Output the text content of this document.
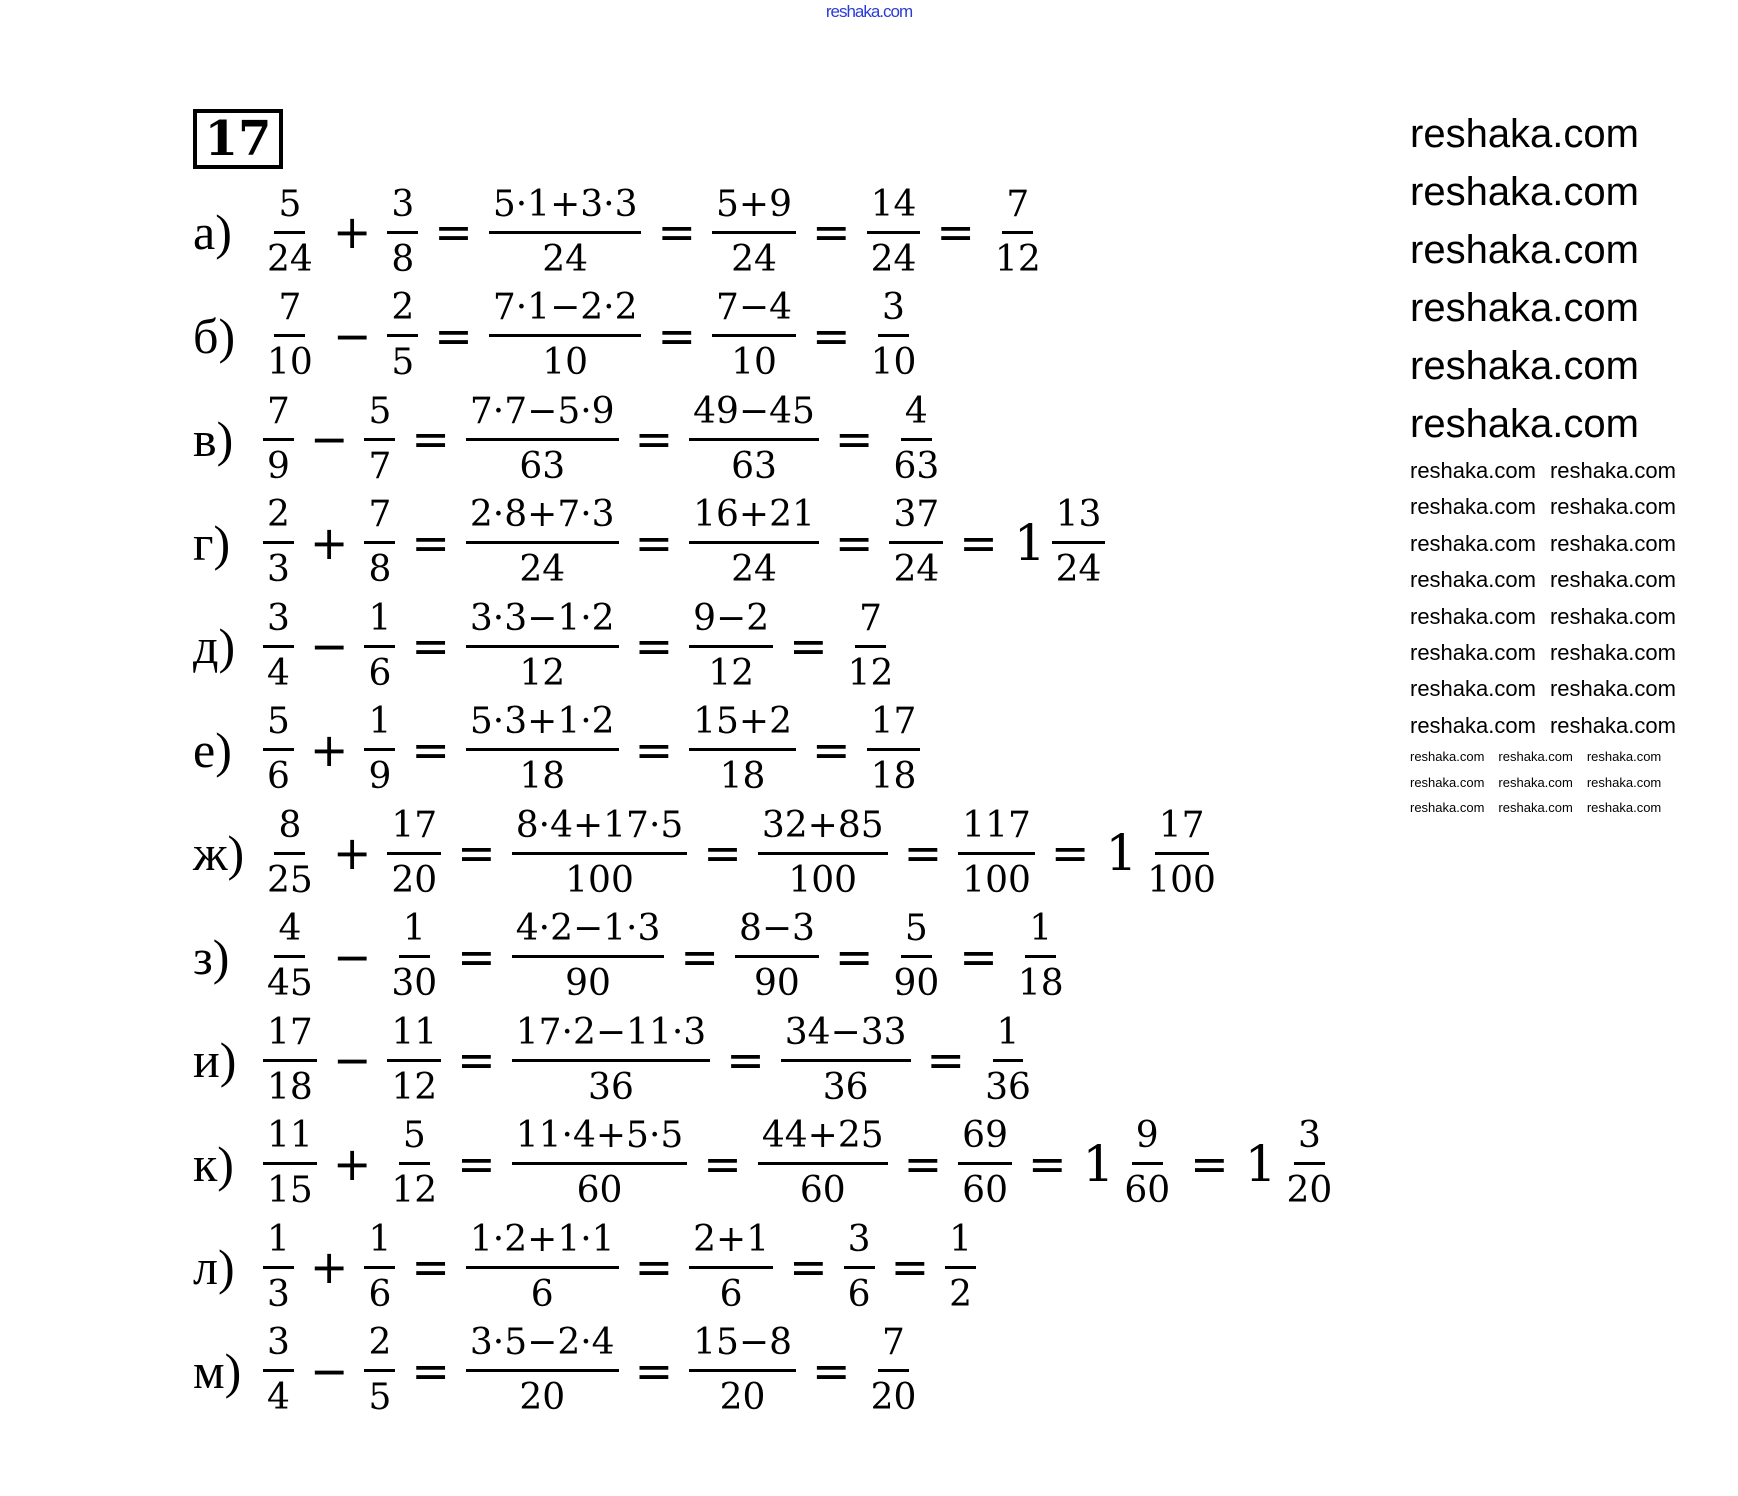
reshaka.com
17
$а) \frac{5}{24} + \frac{3}{8} = \frac{5\cdot 1+3\cdot 3}{24} = \frac{5+9}{24} = \frac{14}{24} = \frac{7}{12}$
$б) \frac{7}{10} - \frac{2}{5} = \frac{7\cdot 1-2\cdot 2}{10} = \frac{7-4}{10} = \frac{3}{10}$
$в) \frac{7}{9} - \frac{5}{7} = \frac{7\cdot 7-5\cdot 9}{63} = \frac{49-45}{63} = \frac{4}{63}$
$г) \frac{2}{3} + \frac{7}{8} = \frac{2\cdot 8+7\cdot 3}{24} = \frac{16+21}{24} = \frac{37}{24} = 1 \frac{13}{24}$
$д) \frac{3}{4} - \frac{1}{6} = \frac{3\cdot 3-1\cdot 2}{12} = \frac{9-2}{12} = \frac{7}{12}$
$е) \frac{5}{6} + \frac{1}{9} = \frac{5\cdot 3+1\cdot 2}{18} = \frac{15+2}{18} = \frac{17}{18}$
$ж) \frac{8}{25} + \frac{17}{20} = \frac{8\cdot 4+17\cdot 5}{100} = \frac{32+85}{100} = \frac{117}{100} = 1 \frac{17}{100}$
$з) \frac{4}{45} - \frac{1}{30} = \frac{4\cdot 2-1\cdot 3}{90} = \frac{8-3}{90} = \frac{5}{90} = \frac{1}{18}$
$и) \frac{17}{18} - \frac{11}{12} = \frac{17\cdot 2-11\cdot 3}{36} = \frac{34-33}{36} = \frac{1}{36}$
$к) \frac{11}{15} + \frac{5}{12} = \frac{11\cdot 4+5\cdot 5}{60} = \frac{44+25}{60} = \frac{69}{60} = 1 \frac{9}{60} = 1 \frac{3}{20}$
$л) \frac{1}{3} + \frac{1}{6} = \frac{1\cdot 2+1\cdot 1}{6} = \frac{2+1}{6} = \frac{3}{6} = \frac{1}{2}$
$м) \frac{3}{4} - \frac{2}{5} = \frac{3\cdot 5-2\cdot 4}{20} = \frac{15-8}{20} = \frac{7}{20}$
reshaka.com
reshaka.com
reshaka.com
reshaka.com
reshaka.com
reshaka.com
reshaka.com reshaka.com
reshaka.com reshaka.com
reshaka.com reshaka.com
reshaka.com reshaka.com
reshaka.com reshaka.com
reshaka.com reshaka.com
reshaka.com reshaka.com
reshaka.com reshaka.com
reshaka.com reshaka.com reshaka.com
reshaka.com reshaka.com reshaka.com
reshaka.com reshaka.com reshaka.com
